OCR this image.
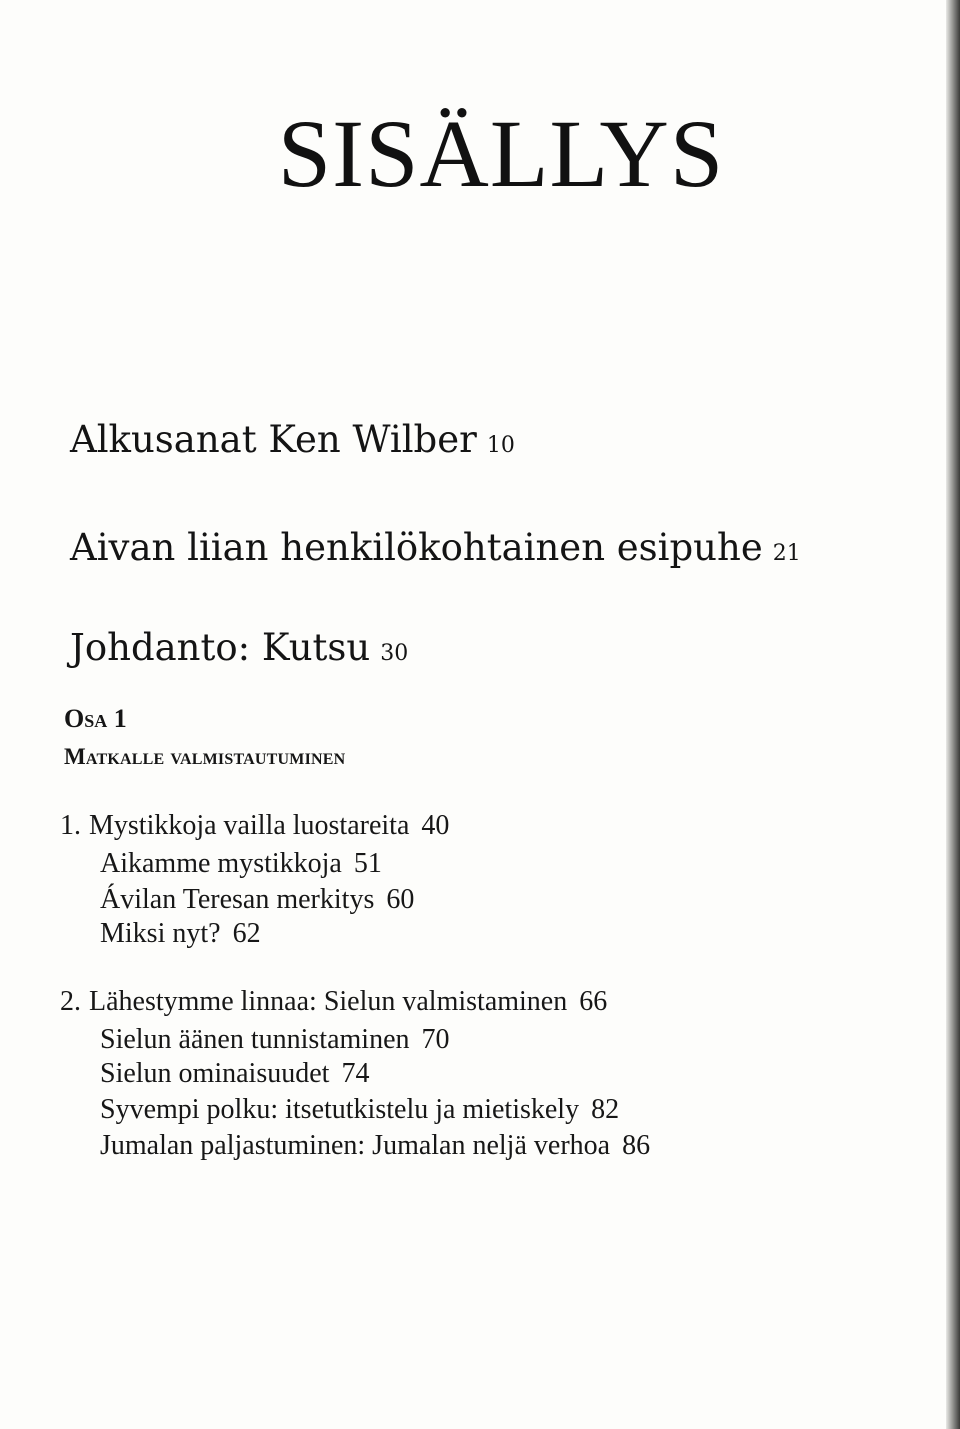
SISÄLLYS
Alkusanat Ken Wilber 10
Aivan liian henkilökohtainen esipuhe 21
Johdanto: Kutsu 30
Osa 1
Matkalle valmistautuminen
1. Mystikkoja vailla luostareita 40
Aikamme mystikkoja 51
Ávilan Teresan merkitys 60
Miksi nyt? 62
2. Lähestymme linnaa: Sielun valmistaminen 66
Sielun äänen tunnistaminen 70
Sielun ominaisuudet 74
Syvempi polku: itsetutkistelu ja mietiskely 82
Jumalan paljastuminen: Jumalan neljä verhoa 86
